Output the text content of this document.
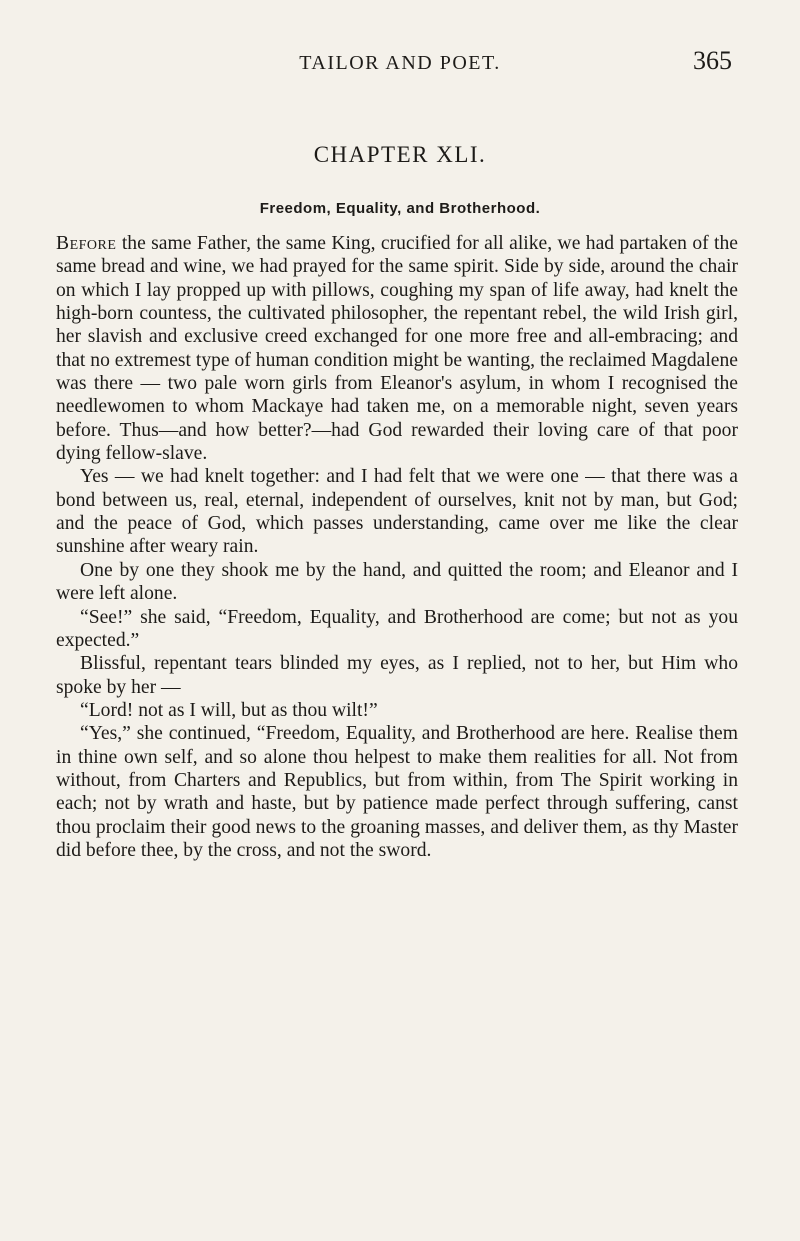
TAILOR AND POET.	365
CHAPTER XLI.
Freedom, Equality, and Brotherhood.

Before the same Father, the same King, crucified for all alike, we had partaken of the same bread and wine, we had prayed for the same spirit. Side by side, around the chair on which I lay propped up with pillows, coughing my span of life away, had knelt the high-born countess, the cultivated philosopher, the repentant rebel, the wild Irish girl, her slavish and exclusive creed exchanged for one more free and all-embracing; and that no extremest type of human condition might be wanting, the reclaimed Magdalene was there — two pale worn girls from Eleanor's asylum, in whom I recognised the needlewomen to whom Mackaye had taken me, on a memorable night, seven years before. Thus—and how better?—had God rewarded their loving care of that poor dying fellow-slave.

Yes — we had knelt together: and I had felt that we were one — that there was a bond between us, real, eternal, independent of ourselves, knit not by man, but God; and the peace of God, which passes understanding, came over me like the clear sunshine after weary rain.

One by one they shook me by the hand, and quitted the room; and Eleanor and I were left alone.

“See!” she said, “Freedom, Equality, and Brotherhood are come; but not as you expected.”

Blissful, repentant tears blinded my eyes, as I replied, not to her, but Him who spoke by her —

“Lord! not as I will, but as thou wilt!”

“Yes,” she continued, “Freedom, Equality, and Brotherhood are here. Realise them in thine own self, and so alone thou helpest to make them realities for all. Not from without, from Charters and Republics, but from within, from The Spirit working in each; not by wrath and haste, but by patience made perfect through suffering, canst thou proclaim their good news to the groaning masses, and deliver them, as thy Master did before thee, by the cross, and not the sword.
